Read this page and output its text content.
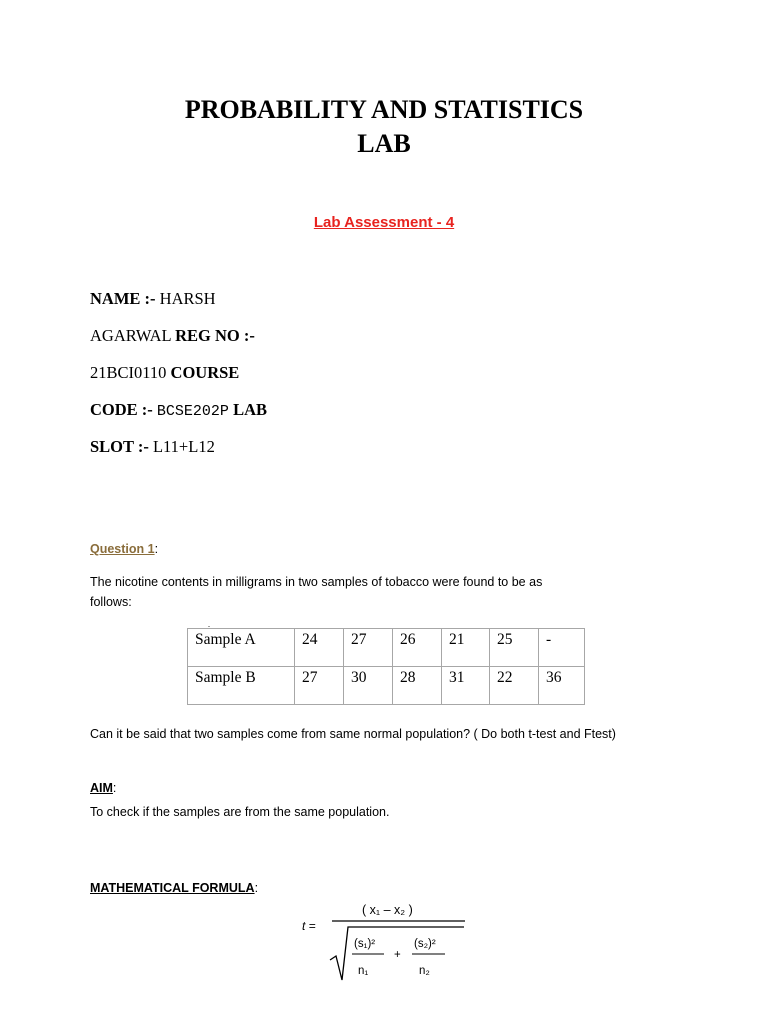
PROBABILITY AND STATISTICS
LAB
Lab Assessment - 4
NAME :- HARSH
AGARWAL REG NO :-
21BCI0110 COURSE
CODE :- BCSE202P LAB
SLOT :- L11+L12
Question 1:
The nicotine contents in milligrams in two samples of tobacco were found to be as
follows:
.
Sample A	24	27	26	21	25	-
Sample B	27	30	28	31	22	36
Can it be said that two samples come from same normal population? ( Do both t-test and Ftest)
AIM:
To check if the samples are from the same population.
MATHEMATICAL FORMULA:
t =
( x₁ – x₂ )
(s₁)²
n₁
+
(s₂)²
n₂
